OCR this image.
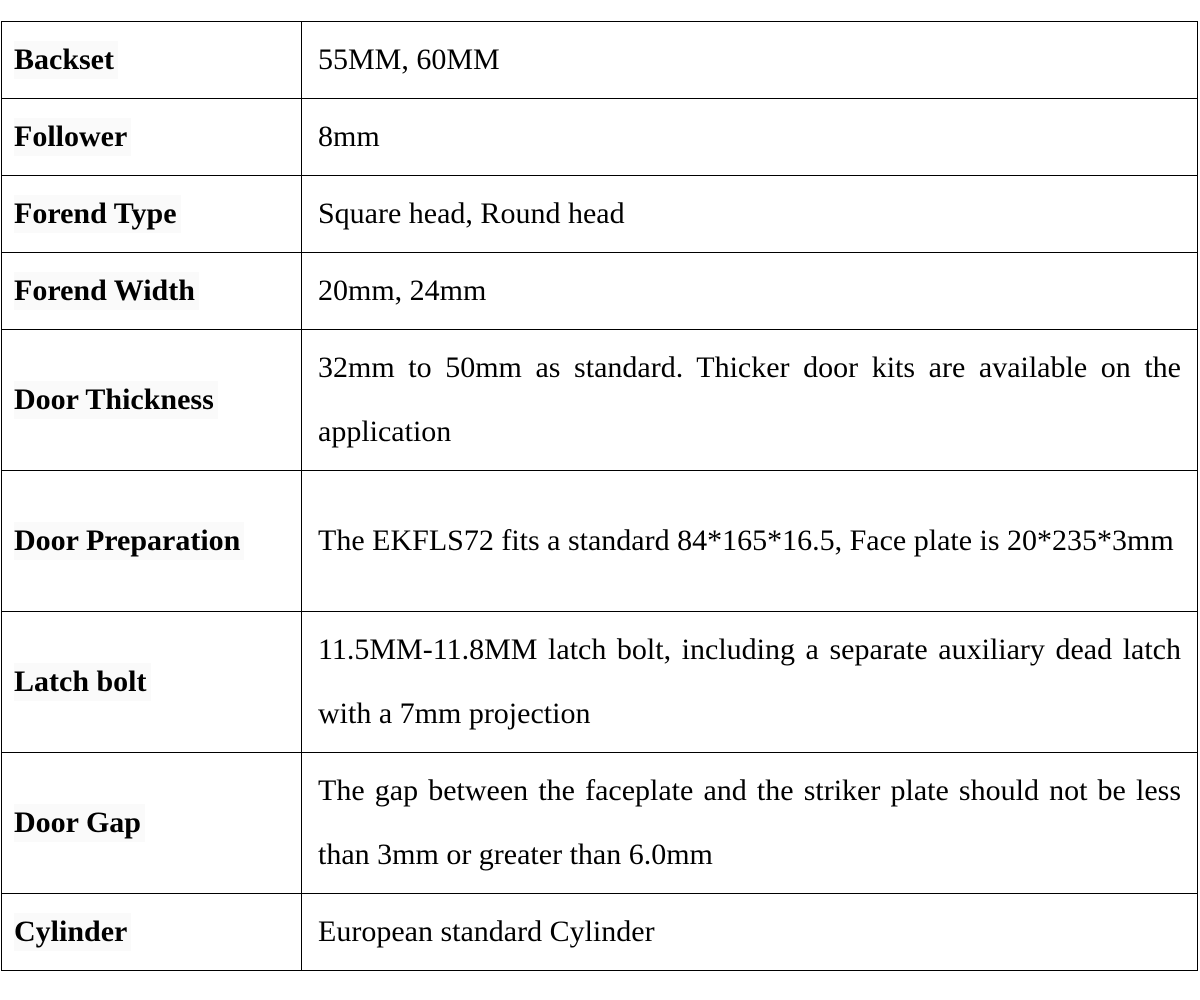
Backset	55MM, 60MM
Follower	8mm
Forend Type	Square head, Round head
Forend Width	20mm, 24mm
Door Thickness	32mm to 50mm as standard. Thicker door kits are available on the application
Door Preparation	The EKFLS72 fits a standard 84*165*16.5, Face plate is 20*235*3mm
Latch bolt	11.5MM-11.8MM latch bolt, including a separate auxiliary dead latch with a 7mm projection
Door Gap	The gap between the faceplate and the striker plate should not be less than 3mm or greater than 6.0mm
Cylinder	European standard Cylinder
